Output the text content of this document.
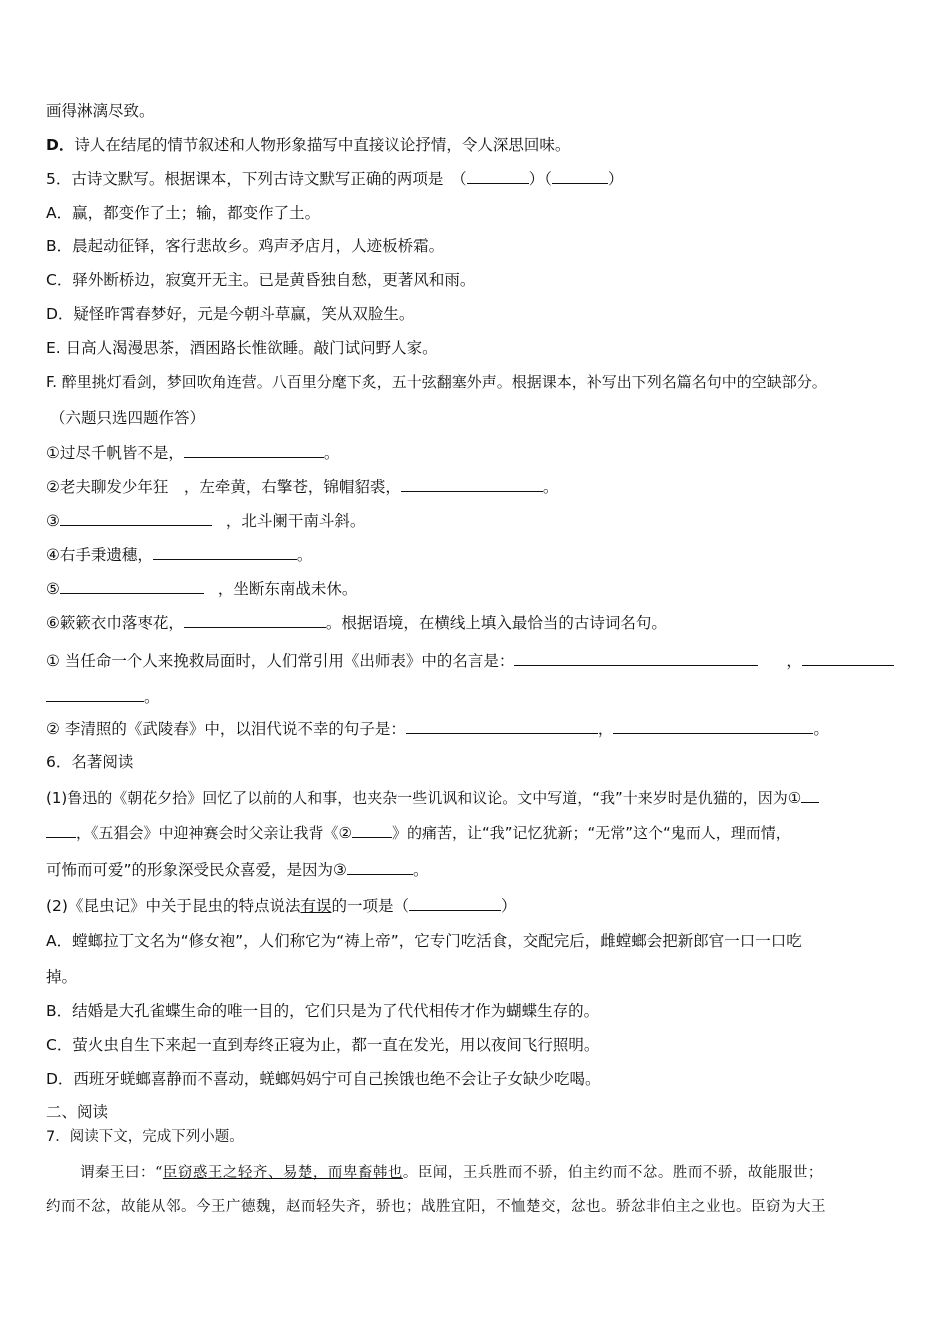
画得淋漓尽致。
D．诗人在结尾的情节叙述和人物形象描写中直接议论抒情，令人深思回味。
5．古诗文默写。根据课本，下列古诗文默写正确的两项是　（	）（	）
A．赢，都变作了土；输，都变作了土。
B．晨起动征铎，客行悲故乡。鸡声矛店月，人迹板桥霜。
C．驿外断桥边，寂寞开无主。已是黄昏独自愁，更著风和雨。
D．疑怪昨霄春梦好，元是今朝斗草赢，笑从双脸生。
E. 日高人渴漫思茶，酒困路长惟欲睡。敲门试问野人家。
F. 醉里挑灯看剑，梦回吹角连营。八百里分麾下炙，五十弦翻塞外声。根据课本，补写出下列名篇名句中的空缺部分。
（六题只选四题作答）
①过尽千帆皆不是，	。
②老夫聊发少年狂　，左牵黄，右擎苍，锦帽貂裘，	。
③	，北斗阑干南斗斜。
④右手秉遗穗，	。
⑤	，坐断东南战未休。
⑥簌簌衣巾落枣花，	。根据语境，在横线上填入最恰当的古诗词名句。
① 当任命一个人来挽救局面时，人们常引用《出师表》中的名言是：	，
。
② 李清照的《武陵春》中，以泪代说不幸的句子是：	，	。
6．名著阅读
(1)鲁迅的《朝花夕拾》回忆了以前的人和事，也夹杂一些讥讽和议论。文中写道，“我”十来岁时是仇猫的，因为①
，《五猖会》中迎神赛会时父亲让我背《②	》的痛苦，让“我”记忆犹新；“无常”这个“鬼而人，理而情，
可怖而可爱”的形象深受民众喜爱，是因为③	。
(2)《昆虫记》中关于昆虫的特点说法有误的一项是（	）
A．螳螂拉丁文名为“修女袍”，人们称它为“祷上帝”，它专门吃活食，交配完后，雌螳螂会把新郎官一口一口吃
掉。
B．结婚是大孔雀蝶生命的唯一目的，它们只是为了代代相传才作为蝴蝶生存的。
C．萤火虫自生下来起一直到寿终正寝为止，都一直在发光，用以夜间飞行照明。
D．西班牙蜣螂喜静而不喜动，蜣螂妈妈宁可自己挨饿也绝不会让子女缺少吃喝。
二、阅读
7．阅读下文，完成下列小题。
谓秦王曰：“臣窃惑王之轻齐、易楚，而卑畜韩也。臣闻，王兵胜而不骄，伯主约而不忿。胜而不骄，故能服世；
约而不忿，故能从邻。今王广德魏，赵而轻失齐，骄也；战胜宜阳，不恤楚交，忿也。骄忿非伯主之业也。臣窃为大王
